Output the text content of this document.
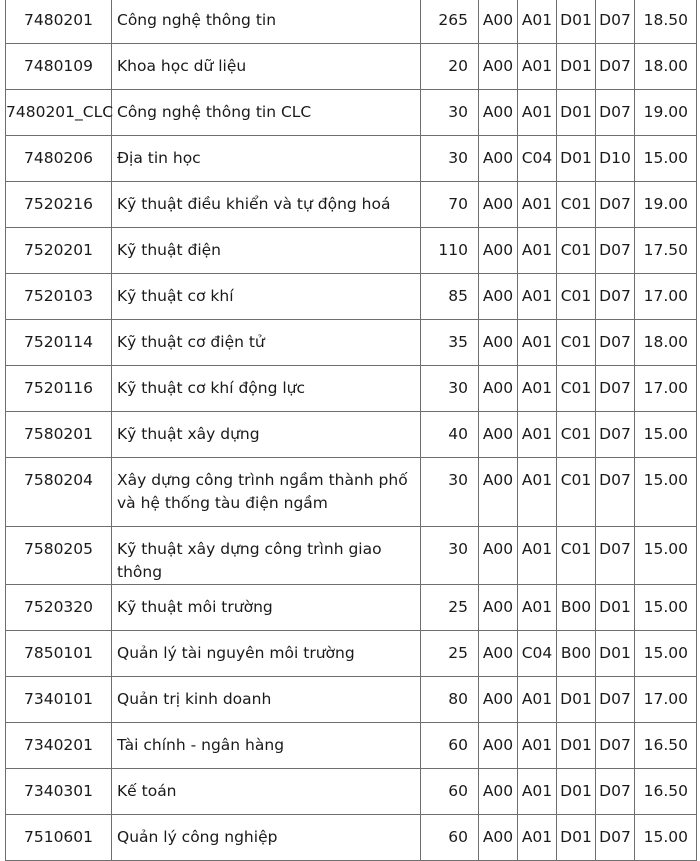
7480201	Công nghệ thông tin	265	A00	A01	D01	D07	18.50
7480109	Khoa học dữ liệu	20	A00	A01	D01	D07	18.00
7480201_CLC	Công nghệ thông tin CLC	30	A00	A01	D01	D07	19.00
7480206	Địa tin học	30	A00	C04	D01	D10	15.00
7520216	Kỹ thuật điều khiển và tự động hoá	70	A00	A01	C01	D07	19.00
7520201	Kỹ thuật điện	110	A00	A01	C01	D07	17.50
7520103	Kỹ thuật cơ khí	85	A00	A01	C01	D07	17.00
7520114	Kỹ thuật cơ điện tử	35	A00	A01	C01	D07	18.00
7520116	Kỹ thuật cơ khí động lực	30	A00	A01	C01	D07	17.00
7580201	Kỹ thuật xây dựng	40	A00	A01	C01	D07	15.00
7580204	Xây dựng công trình ngầm thành phố và hệ thống tàu điện ngầm	30	A00	A01	C01	D07	15.00
7580205	Kỹ thuật xây dựng công trình giao thông	30	A00	A01	C01	D07	15.00
7520320	Kỹ thuật môi trường	25	A00	A01	B00	D01	15.00
7850101	Quản lý tài nguyên môi trường	25	A00	C04	B00	D01	15.00
7340101	Quản trị kinh doanh	80	A00	A01	D01	D07	17.00
7340201	Tài chính - ngân hàng	60	A00	A01	D01	D07	16.50
7340301	Kế toán	60	A00	A01	D01	D07	16.50
7510601	Quản lý công nghiệp	60	A00	A01	D01	D07	15.00
